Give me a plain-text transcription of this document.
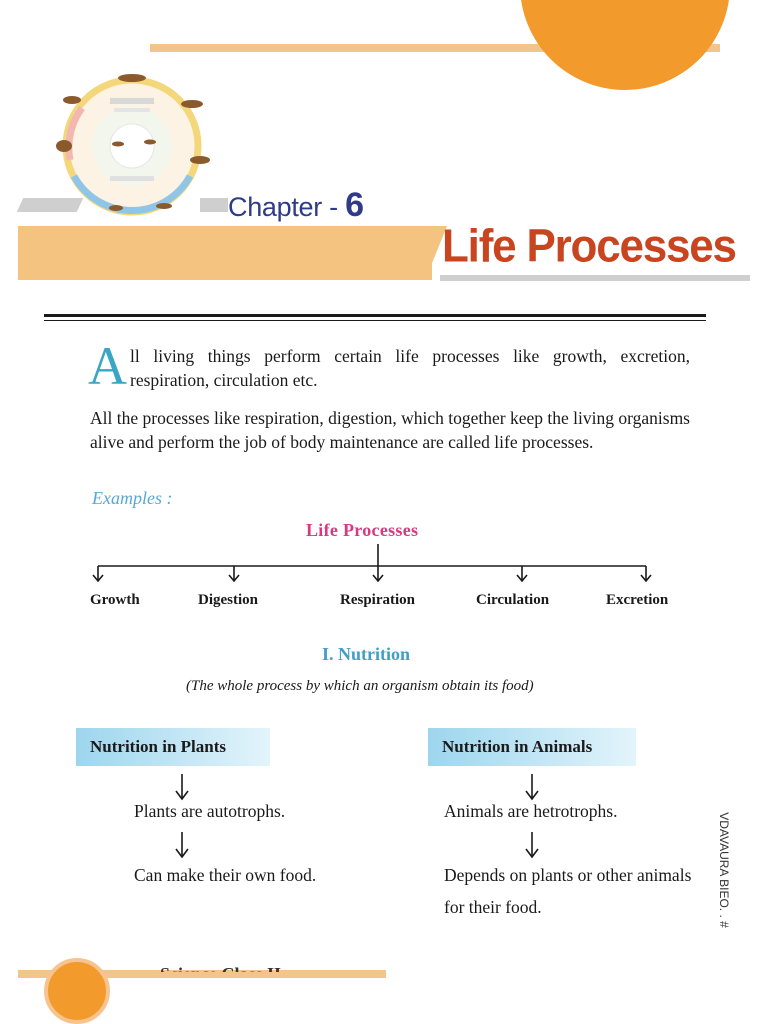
Chapter - 6
Life Processes
A ll living things perform certain life processes like growth, excretion,
respiration, circulation etc.
All the processes like respiration, digestion, which together keep the living organisms alive and perform the job of body maintenance are called life processes.
Examples :
Life Processes
Growth	Digestion	Respiration	Circulation	Excretion
I. Nutrition
(The whole process by which an organism obtain its food)
Nutrition in Plants	Nutrition in Animals
Plants are autotrophs.
Can make their own food.
Animals are hetrotrophs.
Depends on plants or other animals for their food.	VDAVAURA BIEO. . #
